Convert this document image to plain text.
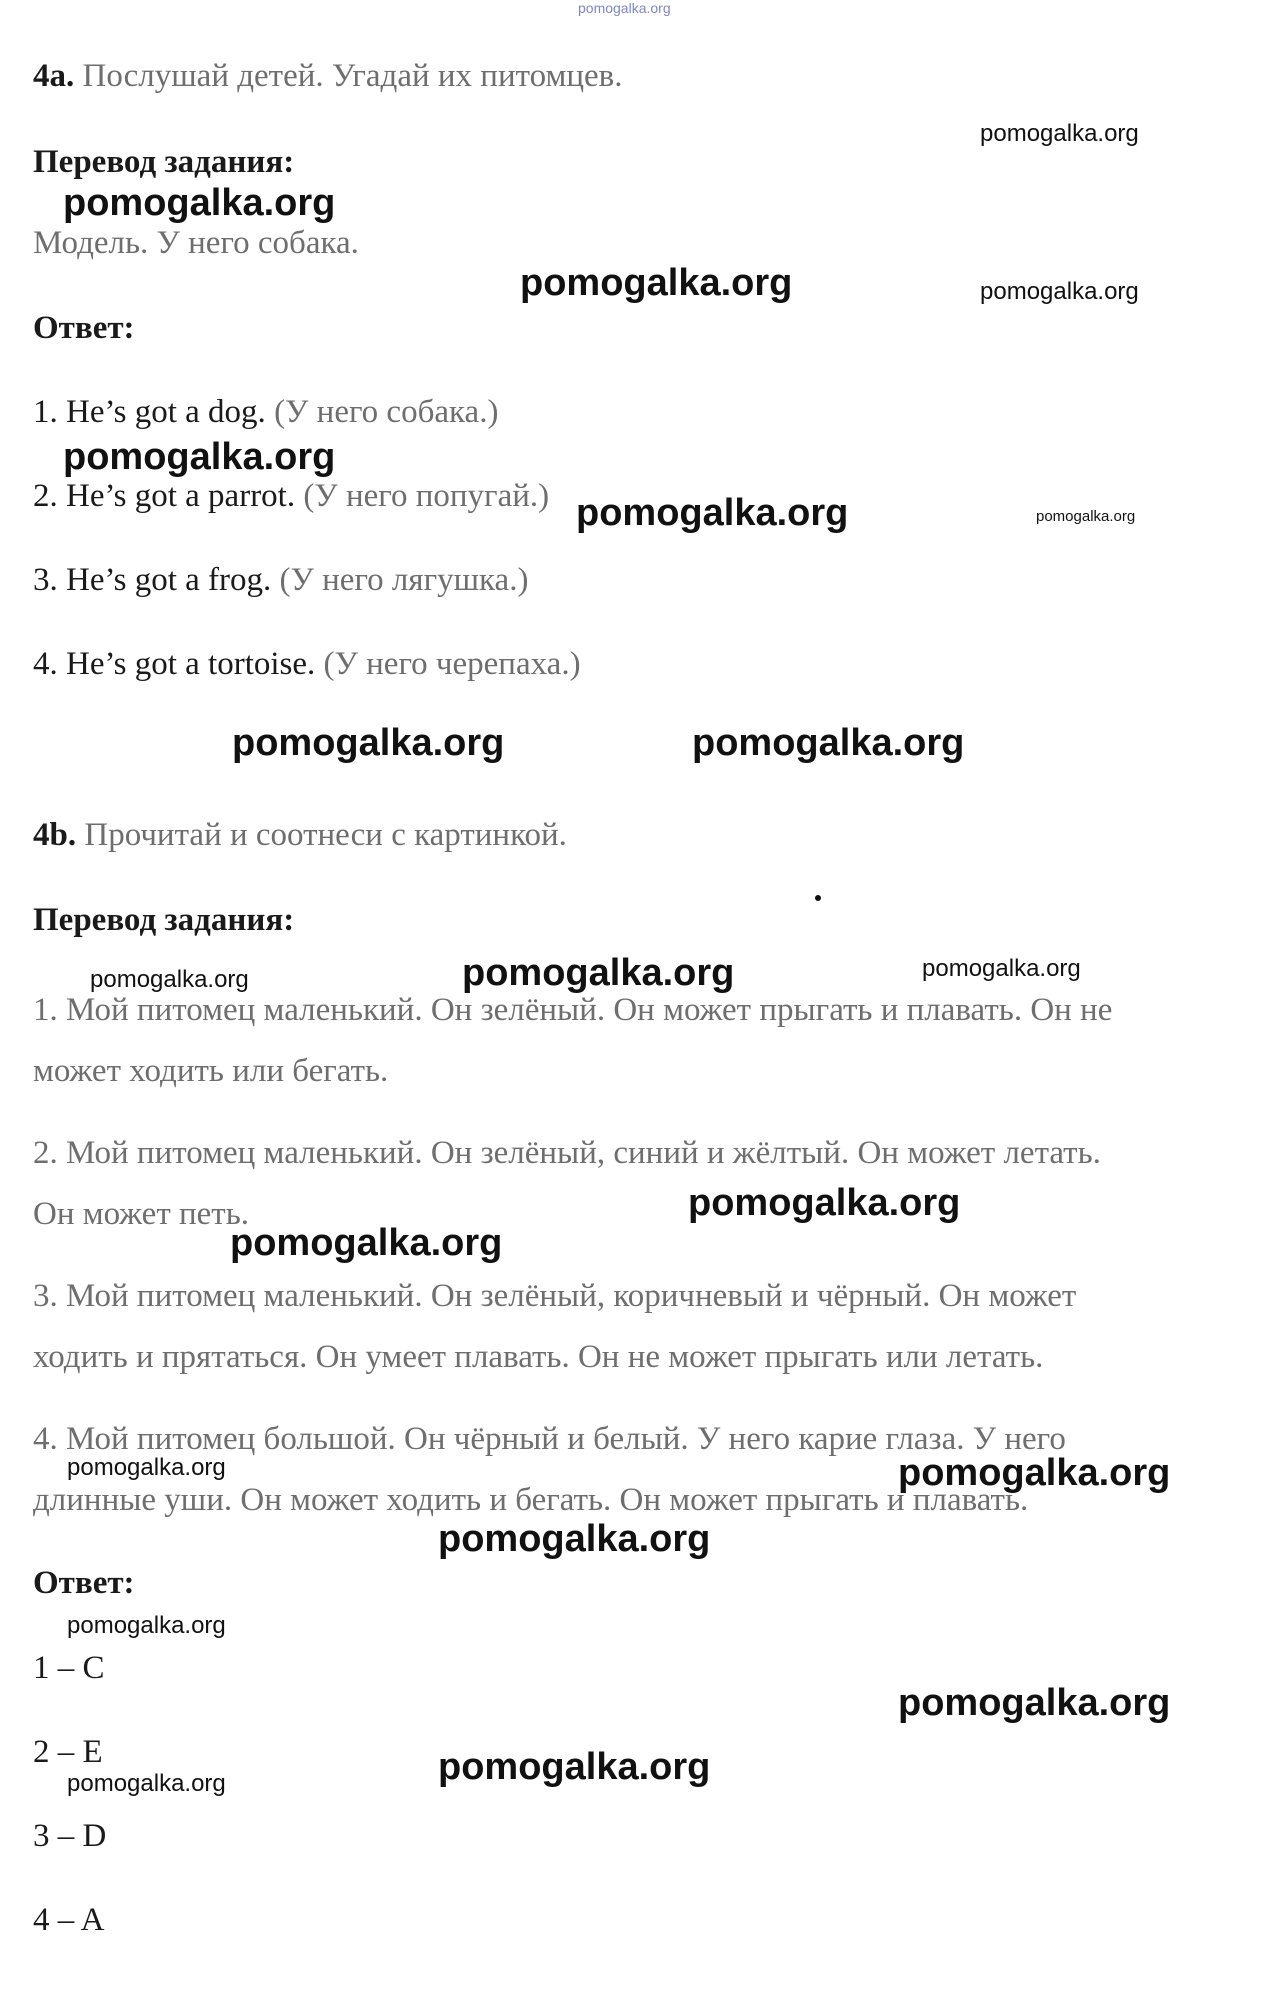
pomogalka.org
4a. Послушай детей. Угадай их питомцев.
Перевод задания:
Модель. У него собака.
Ответ:
1. He’s got a dog. (У него собака.)
2. He’s got a parrot. (У него попугай.)
3. He’s got a frog. (У него лягушка.)
4. He’s got a tortoise. (У него черепаха.)
4b. Прочитай и соотнеси с картинкой.
Перевод задания:
1. Мой питомец маленький. Он зелёный. Он может прыгать и плавать. Он не
может ходить или бегать.
2. Мой питомец маленький. Он зелёный, синий и жёлтый. Он может летать.
Он может петь.
3. Мой питомец маленький. Он зелёный, коричневый и чёрный. Он может
ходить и прятаться. Он умеет плавать. Он не может прыгать или летать.
4. Мой питомец большой. Он чёрный и белый. У него карие глаза. У него
длинные уши. Он может ходить и бегать. Он может прыгать и плавать.
Ответ:
1 – C
2 – E
3 – D
4 – A
pomogalka.org
pomogalka.org
pomogalka.org	pomogalka.org
pomogalka.org
pomogalka.org	pomogalka.org
pomogalka.org	pomogalka.org
pomogalka.org	pomogalka.org	pomogalka.org
pomogalka.org
pomogalka.org
pomogalka.org	pomogalka.org
pomogalka.org
pomogalka.org
pomogalka.org
pomogalka.org
pomogalka.org
